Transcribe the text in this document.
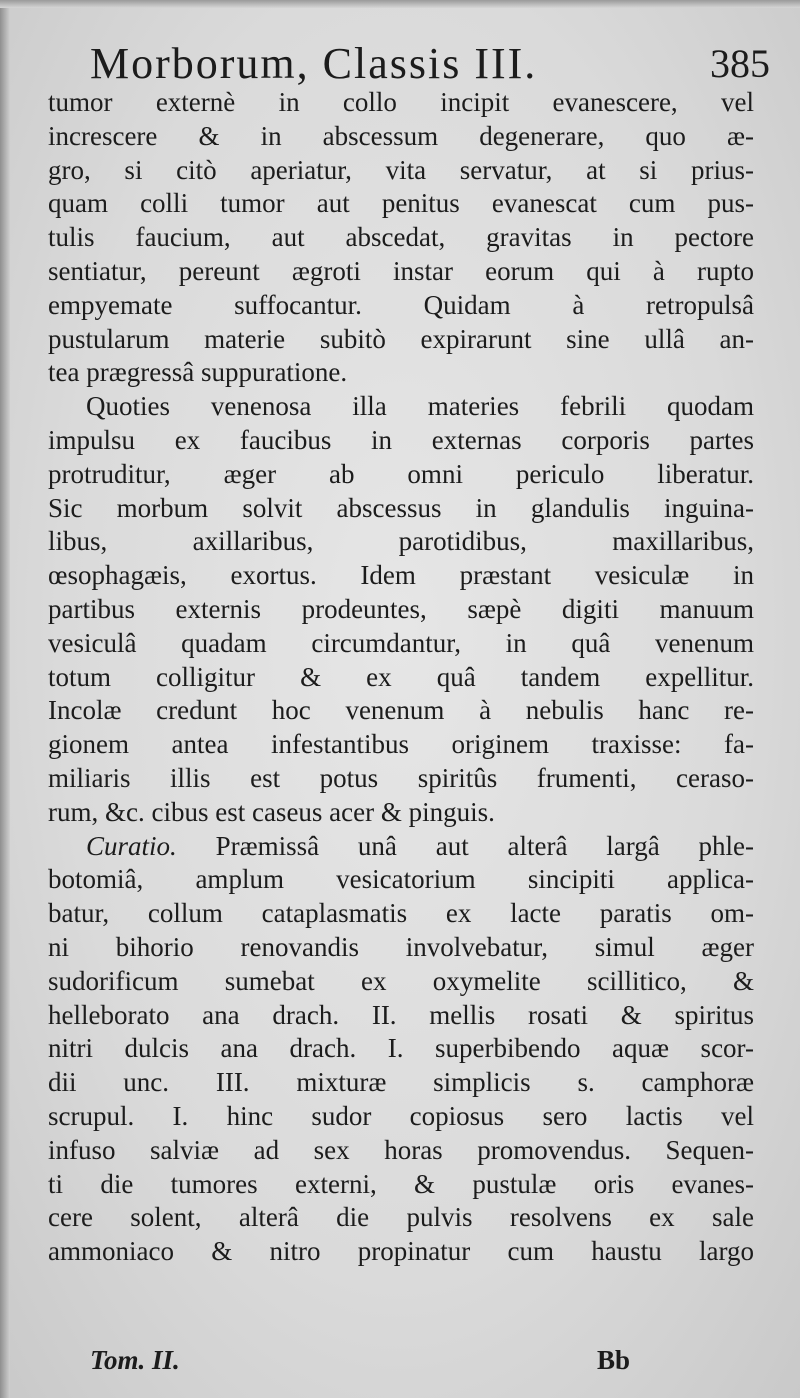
Morborum, Classis III.	385
tumor externè in collo incipit evanescere, vel
increscere & in abscessum degenerare, quo æ-
gro, si citò aperiatur, vita servatur, at si prius-
quam colli tumor aut penitus evanescat cum pus-
tulis faucium, aut abscedat, gravitas in pectore
sentiatur, pereunt ægroti instar eorum qui à rupto
empyemate suffocantur. Quidam à retropulsâ
pustularum materie subitò expirarunt sine ullâ an-
tea prægressâ suppuratione.
Quoties venenosa illa materies febrili quodam
impulsu ex faucibus in externas corporis partes
protruditur, æger ab omni periculo liberatur.
Sic morbum solvit abscessus in glandulis inguina-
libus, axillaribus, parotidibus, maxillaribus,
œsophagæis, exortus. Idem præstant vesiculæ in
partibus externis prodeuntes, sæpè digiti manuum
vesiculâ quadam circumdantur, in quâ venenum
totum colligitur & ex quâ tandem expellitur.
Incolæ credunt hoc venenum à nebulis hanc re-
gionem antea infestantibus originem traxisse: fa-
miliaris illis est potus spiritûs frumenti, ceraso-
rum, &c. cibus est caseus acer & pinguis.
Curatio. Præmissâ unâ aut alterâ largâ phle-
botomiâ, amplum vesicatorium sincipiti applica-
batur, collum cataplasmatis ex lacte paratis om-
ni bihorio renovandis involvebatur, simul æger
sudorificum sumebat ex oxymelite scillitico, &
helleborato ana drach. II. mellis rosati & spiritus
nitri dulcis ana drach. I. superbibendo aquæ scor-
dii unc. III. mixturæ simplicis s. camphoræ
scrupul. I. hinc sudor copiosus sero lactis vel
infuso salviæ ad sex horas promovendus. Sequen-
ti die tumores externi, & pustulæ oris evanes-
cere solent, alterâ die pulvis resolvens ex sale
ammoniaco & nitro propinatur cum haustu largo
Tom. II.	Bb
